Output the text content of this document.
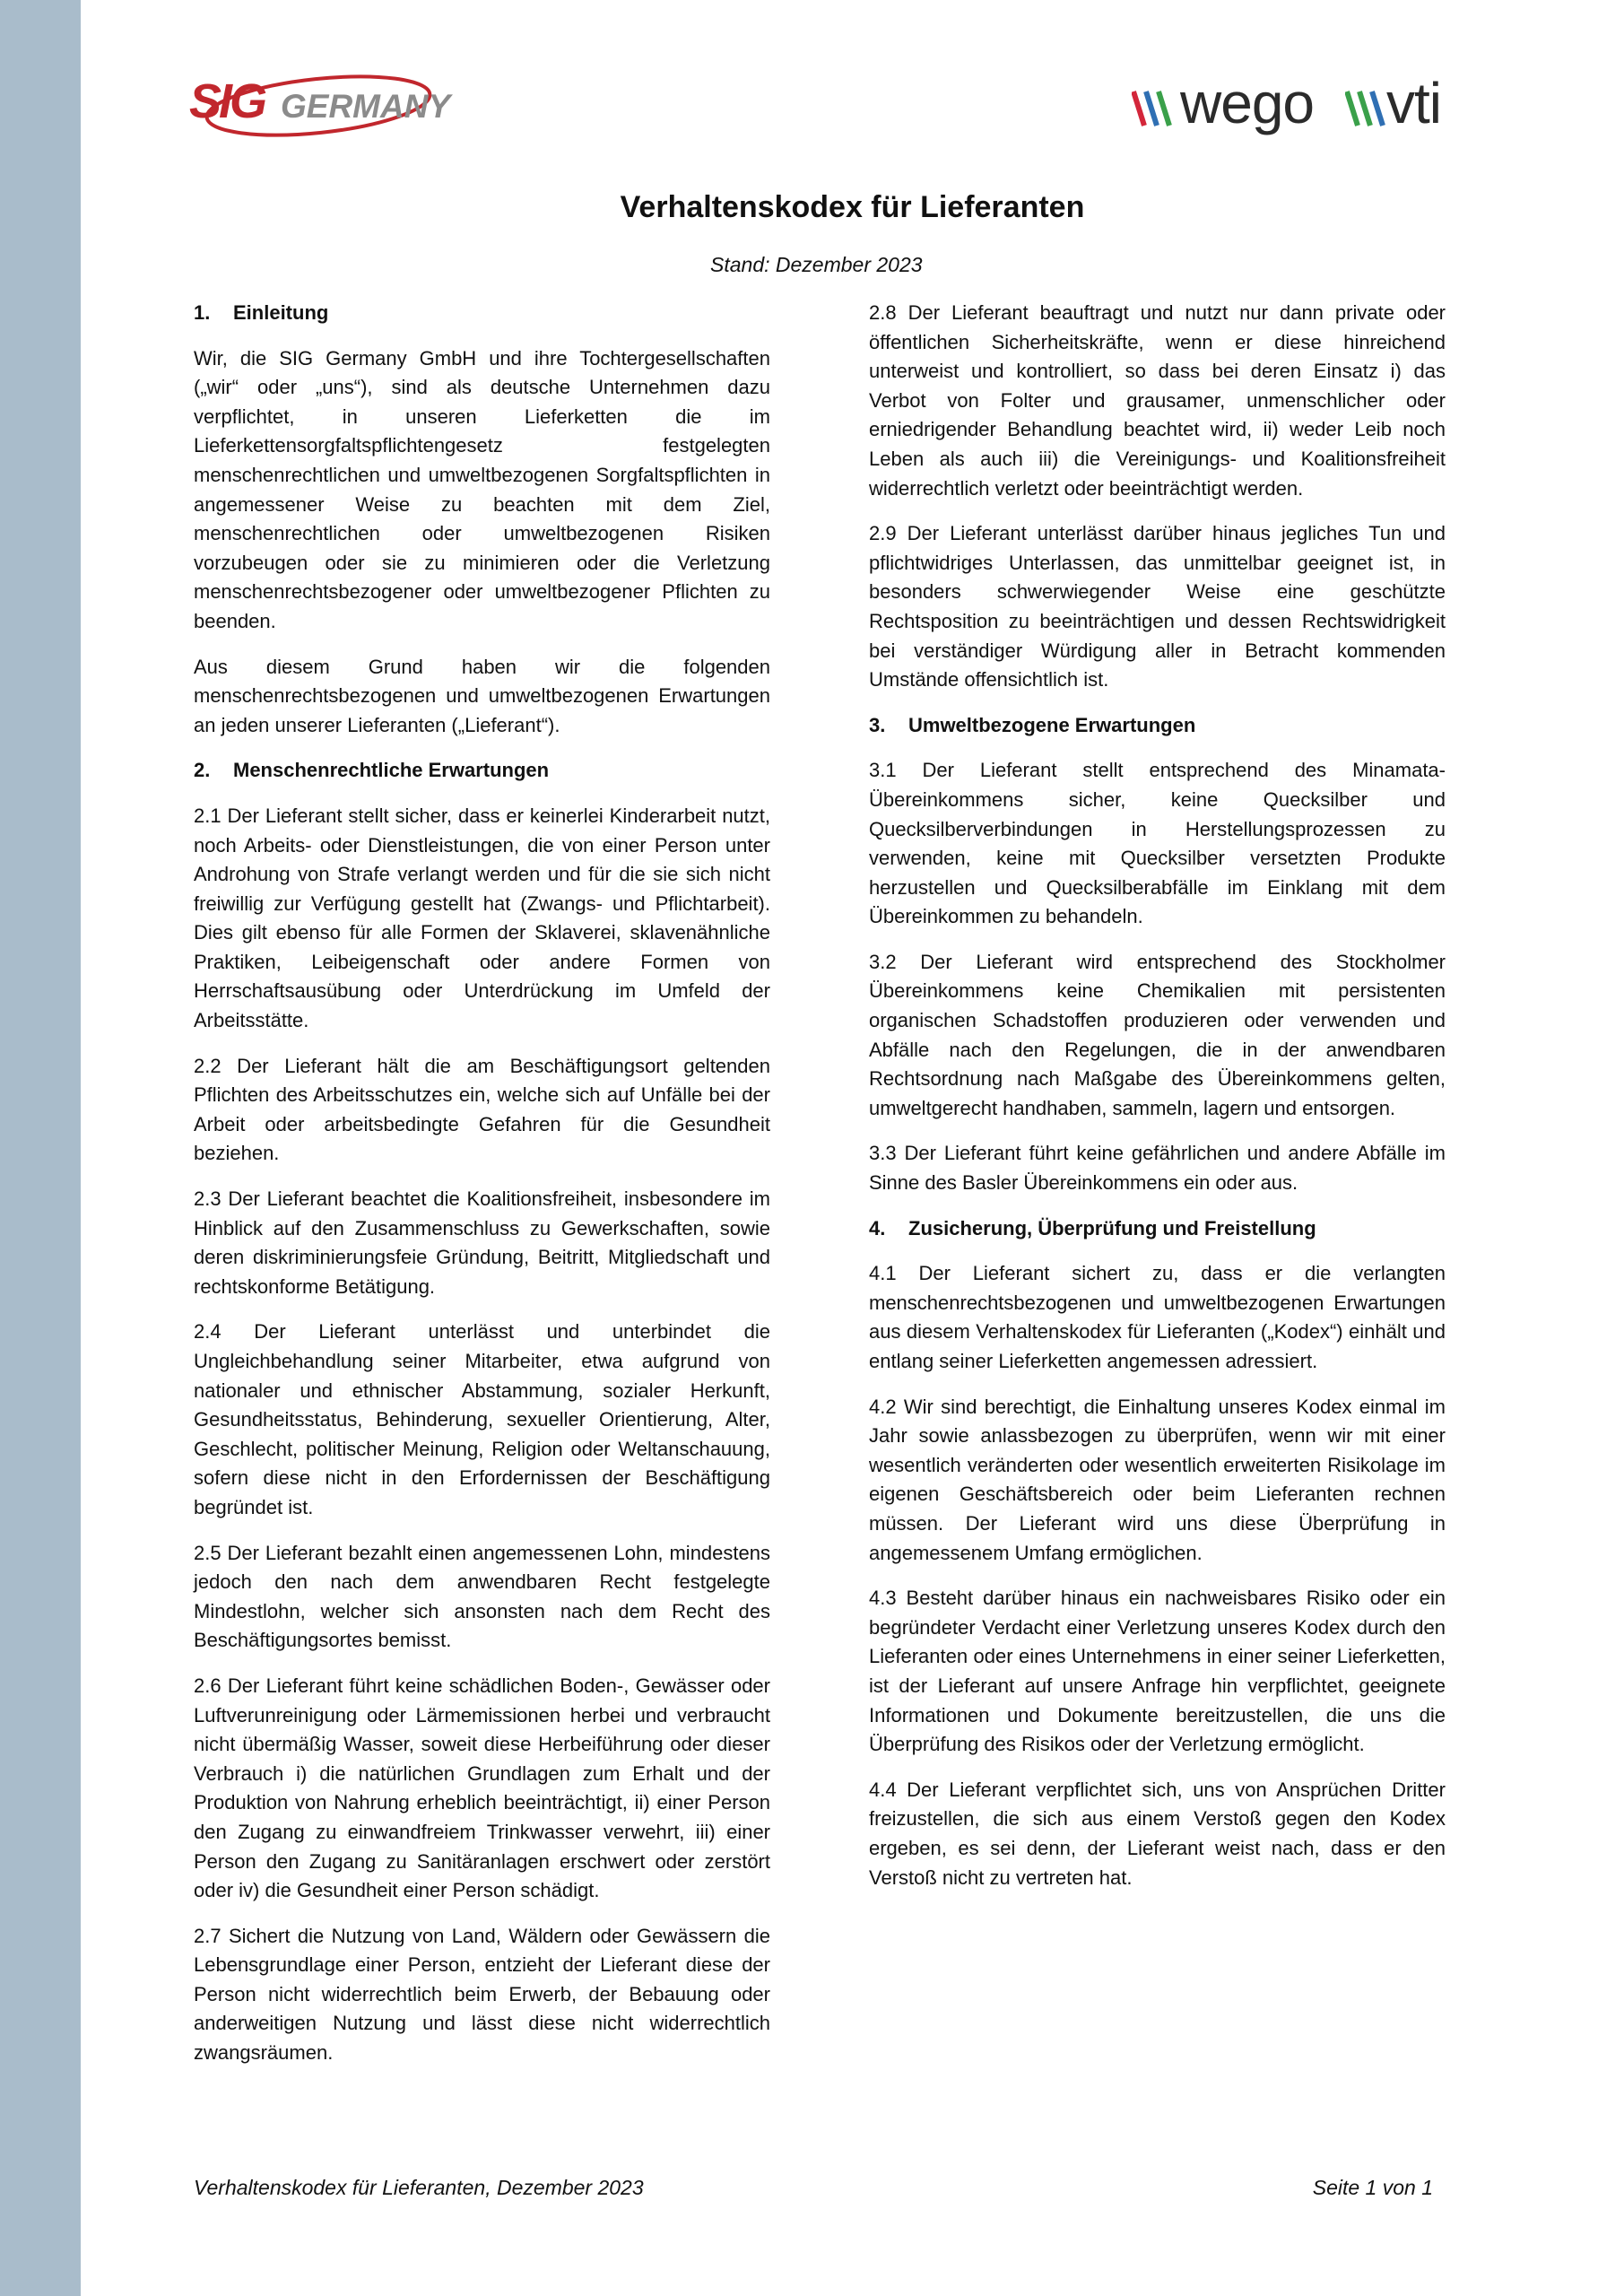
SIG GERMANY	wego vti
Verhaltenskodex für Lieferanten
Stand: Dezember 2023
1. Einleitung

Wir, die SIG Germany GmbH und ihre Tochtergesellschaften („wir“ oder „uns“), sind als deutsche Unternehmen dazu verpflichtet, in unseren Lieferketten die im Lieferkettensorgfaltspflichtengesetz festgelegten menschenrechtlichen und umweltbezogenen Sorgfaltspflichten in angemessener Weise zu beachten mit dem Ziel, menschenrechtlichen oder umweltbezogenen Risiken vorzubeugen oder sie zu minimieren oder die Verletzung menschenrechtsbezogener oder umweltbezogener Pflichten zu beenden.

Aus diesem Grund haben wir die folgenden menschenrechtsbezogenen und umweltbezogenen Erwartungen an jeden unserer Lieferanten („Lieferant“).

2. Menschenrechtliche Erwartungen

2.1 Der Lieferant stellt sicher, dass er keinerlei Kinderarbeit nutzt, noch Arbeits- oder Dienstleistungen, die von einer Person unter Androhung von Strafe verlangt werden und für die sie sich nicht freiwillig zur Verfügung gestellt hat (Zwangs- und Pflichtarbeit). Dies gilt ebenso für alle Formen der Sklaverei, sklavenähnliche Praktiken, Leibeigenschaft oder andere Formen von Herrschaftsausübung oder Unterdrückung im Umfeld der Arbeitsstätte.

2.2 Der Lieferant hält die am Beschäftigungsort geltenden Pflichten des Arbeitsschutzes ein, welche sich auf Unfälle bei der Arbeit oder arbeitsbedingte Gefahren für die Gesundheit beziehen.

2.3 Der Lieferant beachtet die Koalitionsfreiheit, insbesondere im Hinblick auf den Zusammenschluss zu Gewerkschaften, sowie deren diskriminierungsfeie Gründung, Beitritt, Mitgliedschaft und rechtskonforme Betätigung.

2.4 Der Lieferant unterlässt und unterbindet die Ungleichbehandlung seiner Mitarbeiter, etwa aufgrund von nationaler und ethnischer Abstammung, sozialer Herkunft, Gesundheitsstatus, Behinderung, sexueller Orientierung, Alter, Geschlecht, politischer Meinung, Religion oder Weltanschauung, sofern diese nicht in den Erfordernissen der Beschäftigung begründet ist.

2.5 Der Lieferant bezahlt einen angemessenen Lohn, mindestens jedoch den nach dem anwendbaren Recht festgelegte Mindestlohn, welcher sich ansonsten nach dem Recht des Beschäftigungsortes bemisst.

2.6 Der Lieferant führt keine schädlichen Boden-, Gewässer oder Luftverunreinigung oder Lärmemissionen herbei und verbraucht nicht übermäßig Wasser, soweit diese Herbeiführung oder dieser Verbrauch i) die natürlichen Grundlagen zum Erhalt und der Produktion von Nahrung erheblich beeinträchtigt, ii) einer Person den Zugang zu einwandfreiem Trinkwasser verwehrt, iii) einer Person den Zugang zu Sanitäranlagen erschwert oder zerstört oder iv) die Gesundheit einer Person schädigt.

2.7 Sichert die Nutzung von Land, Wäldern oder Gewässern die Lebensgrundlage einer Person, entzieht der Lieferant diese der Person nicht widerrechtlich beim Erwerb, der Bebauung oder anderweitigen Nutzung und lässt diese nicht widerrechtlich zwangsräumen.

2.8 Der Lieferant beauftragt und nutzt nur dann private oder öffentlichen Sicherheitskräfte, wenn er diese hinreichend unterweist und kontrolliert, so dass bei deren Einsatz i) das Verbot von Folter und grausamer, unmenschlicher oder erniedrigender Behandlung beachtet wird, ii) weder Leib noch Leben als auch iii) die Vereinigungs- und Koalitionsfreiheit widerrechtlich verletzt oder beeinträchtigt werden.

2.9 Der Lieferant unterlässt darüber hinaus jegliches Tun und pflichtwidriges Unterlassen, das unmittelbar geeignet ist, in besonders schwerwiegender Weise eine geschützte Rechtsposition zu beeinträchtigen und dessen Rechtswidrigkeit bei verständiger Würdigung aller in Betracht kommenden Umstände offensichtlich ist.

3. Umweltbezogene Erwartungen

3.1 Der Lieferant stellt entsprechend des Minamata-Übereinkommens sicher, keine Quecksilber und Quecksilberverbindungen in Herstellungsprozessen zu verwenden, keine mit Quecksilber versetzten Produkte herzustellen und Quecksilberabfälle im Einklang mit dem Übereinkommen zu behandeln.

3.2 Der Lieferant wird entsprechend des Stockholmer Übereinkommens keine Chemikalien mit persistenten organischen Schadstoffen produzieren oder verwenden und Abfälle nach den Regelungen, die in der anwendbaren Rechtsordnung nach Maßgabe des Übereinkommens gelten, umweltgerecht handhaben, sammeln, lagern und entsorgen.

3.3 Der Lieferant führt keine gefährlichen und andere Abfälle im Sinne des Basler Übereinkommens ein oder aus.

4. Zusicherung, Überprüfung und Freistellung

4.1 Der Lieferant sichert zu, dass er die verlangten menschenrechtsbezogenen und umweltbezogenen Erwartungen aus diesem Verhaltenskodex für Lieferanten („Kodex“) einhält und entlang seiner Lieferketten angemessen adressiert.

4.2 Wir sind berechtigt, die Einhaltung unseres Kodex einmal im Jahr sowie anlassbezogen zu überprüfen, wenn wir mit einer wesentlich veränderten oder wesentlich erweiterten Risikolage im eigenen Geschäftsbereich oder beim Lieferanten rechnen müssen. Der Lieferant wird uns diese Überprüfung in angemessenem Umfang ermöglichen.

4.3 Besteht darüber hinaus ein nachweisbares Risiko oder ein begründeter Verdacht einer Verletzung unseres Kodex durch den Lieferanten oder eines Unternehmens in einer seiner Lieferketten, ist der Lieferant auf unsere Anfrage hin verpflichtet, geeignete Informationen und Dokumente bereitzustellen, die uns die Überprüfung des Risikos oder der Verletzung ermöglicht.

4.4 Der Lieferant verpflichtet sich, uns von Ansprüchen Dritter freizustellen, die sich aus einem Verstoß gegen den Kodex ergeben, es sei denn, der Lieferant weist nach, dass er den Verstoß nicht zu vertreten hat.

Verhaltenskodex für Lieferanten, Dezember 2023	Seite 1 von 1
